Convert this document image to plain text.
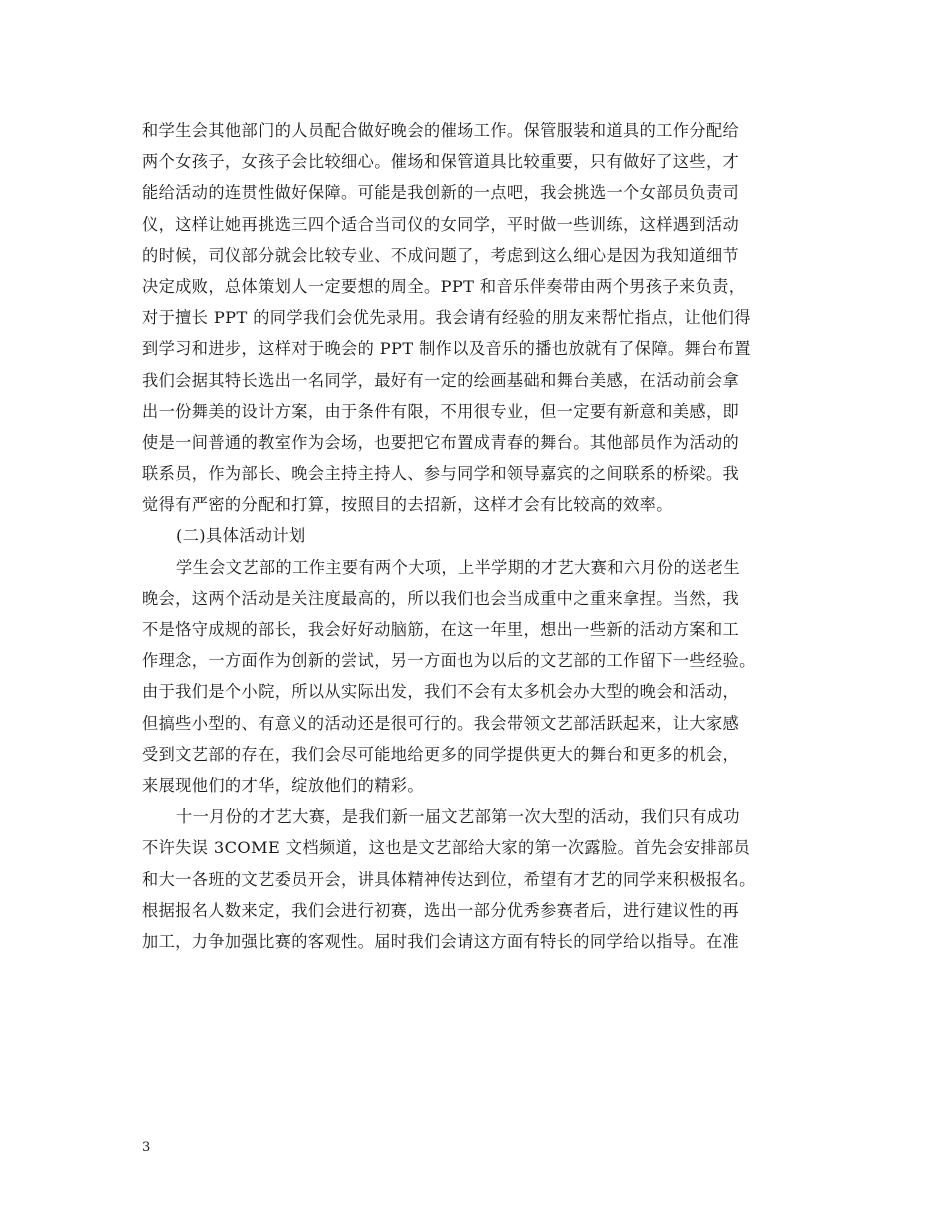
和学生会其他部门的人员配合做好晚会的催场工作。保管服装和道具的工作分配给
两个女孩子，女孩子会比较细心。催场和保管道具比较重要，只有做好了这些，才
能给活动的连贯性做好保障。可能是我创新的一点吧，我会挑选一个女部员负责司
仪，这样让她再挑选三四个适合当司仪的女同学，平时做一些训练，这样遇到活动
的时候，司仪部分就会比较专业、不成问题了，考虑到这么细心是因为我知道细节
决定成败，总体策划人一定要想的周全。PPT 和音乐伴奏带由两个男孩子来负责，
对于擅长 PPT 的同学我们会优先录用。我会请有经验的朋友来帮忙指点，让他们得
到学习和进步，这样对于晚会的 PPT 制作以及音乐的播也放就有了保障。舞台布置
我们会据其特长选出一名同学，最好有一定的绘画基础和舞台美感，在活动前会拿
出一份舞美的设计方案，由于条件有限，不用很专业，但一定要有新意和美感，即
使是一间普通的教室作为会场，也要把它布置成青春的舞台。其他部员作为活动的
联系员，作为部长、晚会主持主持人、参与同学和领导嘉宾的之间联系的桥梁。我
觉得有严密的分配和打算，按照目的去招新，这样才会有比较高的效率。
(二)具体活动计划
学生会文艺部的工作主要有两个大项，上半学期的才艺大赛和六月份的送老生
晚会，这两个活动是关注度最高的，所以我们也会当成重中之重来拿捏。当然，我
不是恪守成规的部长，我会好好动脑筋，在这一年里，想出一些新的活动方案和工
作理念，一方面作为创新的尝试，另一方面也为以后的文艺部的工作留下一些经验。
由于我们是个小院，所以从实际出发，我们不会有太多机会办大型的晚会和活动，
但搞些小型的、有意义的活动还是很可行的。我会带领文艺部活跃起来，让大家感
受到文艺部的存在，我们会尽可能地给更多的同学提供更大的舞台和更多的机会，
来展现他们的才华，绽放他们的精彩。
十一月份的才艺大赛，是我们新一届文艺部第一次大型的活动，我们只有成功
不许失误 3COME 文档频道，这也是文艺部给大家的第一次露脸。首先会安排部员
和大一各班的文艺委员开会，讲具体精神传达到位，希望有才艺的同学来积极报名。
根据报名人数来定，我们会进行初赛，选出一部分优秀参赛者后，进行建议性的再
加工，力争加强比赛的客观性。届时我们会请这方面有特长的同学给以指导。在准
3
